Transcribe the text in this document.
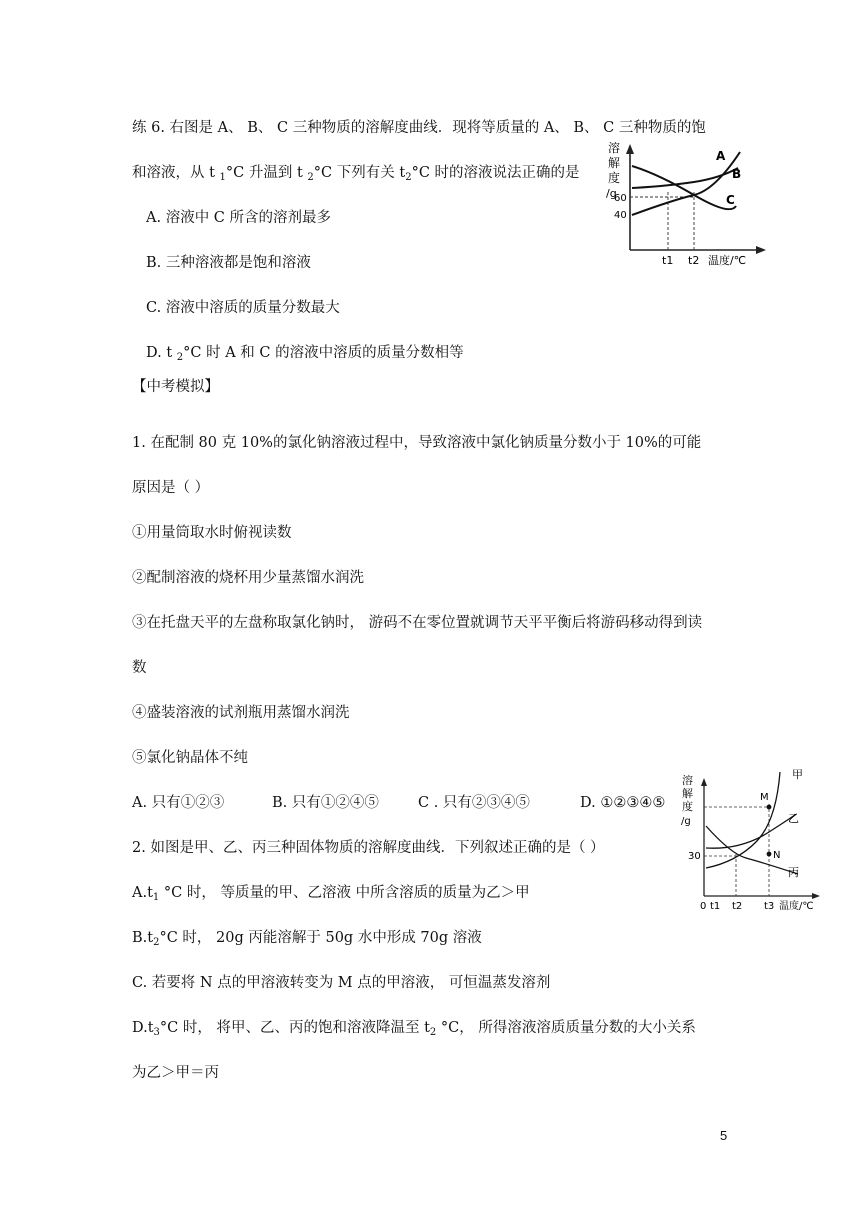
练 6. 右图是 A、 B、 C 三种物质的溶解度曲线．现将等质量的 A、 B、 C 三种物质的饱
和溶液，从 t $_1$°C 升温到 t $_2$°C 下列有关 $t_2^\circ C$ 时的溶液说法正确的是
A. 溶液中 C 所含的溶剂最多
B. 三种溶液都是饱和溶液
C. 溶液中溶质的质量分数最大
D. t $_2$°C 时 A 和 C 的溶液中溶质的质量分数相等
溶
解
度
/g
60
40
A
B
C
t1 t2 温度/℃
【中考模拟】
1. 在配制 80 克 10%的氯化钠溶液过程中，导致溶液中氯化钠质量分数小于 10%的可能
原因是（ ）
①用量筒取水时俯视读数
②配制溶液的烧杯用少量蒸馏水润洗
③在托盘天平的左盘称取氯化钠时， 游码不在零位置就调节天平平衡后将游码移动得到读
数
④盛装溶液的试剂瓶用蒸馏水润洗
⑤氯化钠晶体不纯
A. 只有①②③	B. 只有①②④⑤	C . 只有②③④⑤	D. ①②③④⑤
2. 如图是甲、乙、丙三种固体物质的溶解度曲线．下列叙述正确的是（ ）
$A.t_1$ °C 时， 等质量的甲、乙溶液 中所含溶质的质量为乙＞甲
$B.t_2^\circ C$ 时， 20g 丙能溶解于 50g 水中形成 70g 溶液
C. 若要将 N 点的甲溶液转变为 M 点的甲溶液， 可恒温蒸发溶剂
$D.t_3^\circ C$ 时， 将甲、乙、丙的饱和溶液降温至 $t_2$ °C， 所得溶液溶质质量分数的大小关系
为乙＞甲＝丙
溶
解
度
/g
30
M
N
甲
乙
丙
0 t1 t2 t3 温度/℃
5
